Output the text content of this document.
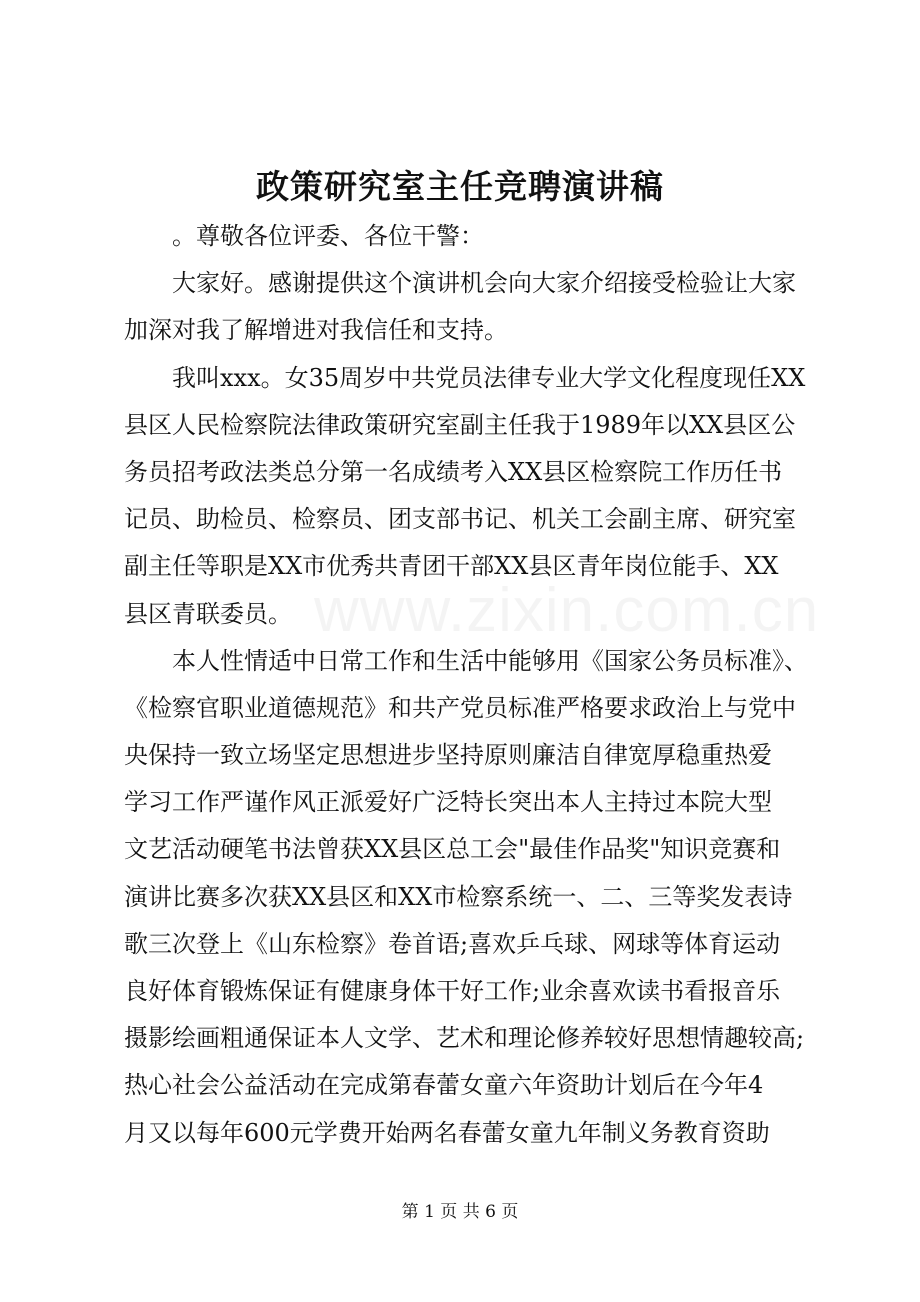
政策研究室主任竞聘演讲稿
　　。尊敬各位评委、各位干警：
　　大家好。感谢提供这个演讲机会向大家介绍接受检验让大家
加深对我了解增进对我信任和支持。
　　我叫xxx。女35周岁中共党员法律专业大学文化程度现任XX
县区人民检察院法律政策研究室副主任我于1989年以XX县区公
务员招考政法类总分第一名成绩考入XX县区检察院工作历任书
记员、助检员、检察员、团支部书记、机关工会副主席、研究室
副主任等职是XX市优秀共青团干部XX县区青年岗位能手、XX
县区青联委员。
　　本人性情适中日常工作和生活中能够用《国家公务员标准》、
《检察官职业道德规范》和共产党员标准严格要求政治上与党中
央保持一致立场坚定思想进步坚持原则廉洁自律宽厚稳重热爱
学习工作严谨作风正派爱好广泛特长突出本人主持过本院大型
文艺活动硬笔书法曾获XX县区总工会"最佳作品奖"知识竞赛和
演讲比赛多次获XX县区和XX市检察系统一、二、三等奖发表诗
歌三次登上《山东检察》卷首语;喜欢乒乓球、网球等体育运动
良好体育锻炼保证有健康身体干好工作;业余喜欢读书看报音乐
摄影绘画粗通保证本人文学、艺术和理论修养较好思想情趣较高;
热心社会公益活动在完成第春蕾女童六年资助计划后在今年4
月又以每年600元学费开始两名春蕾女童九年制义务教育资助
第 1 页 共 6 页
